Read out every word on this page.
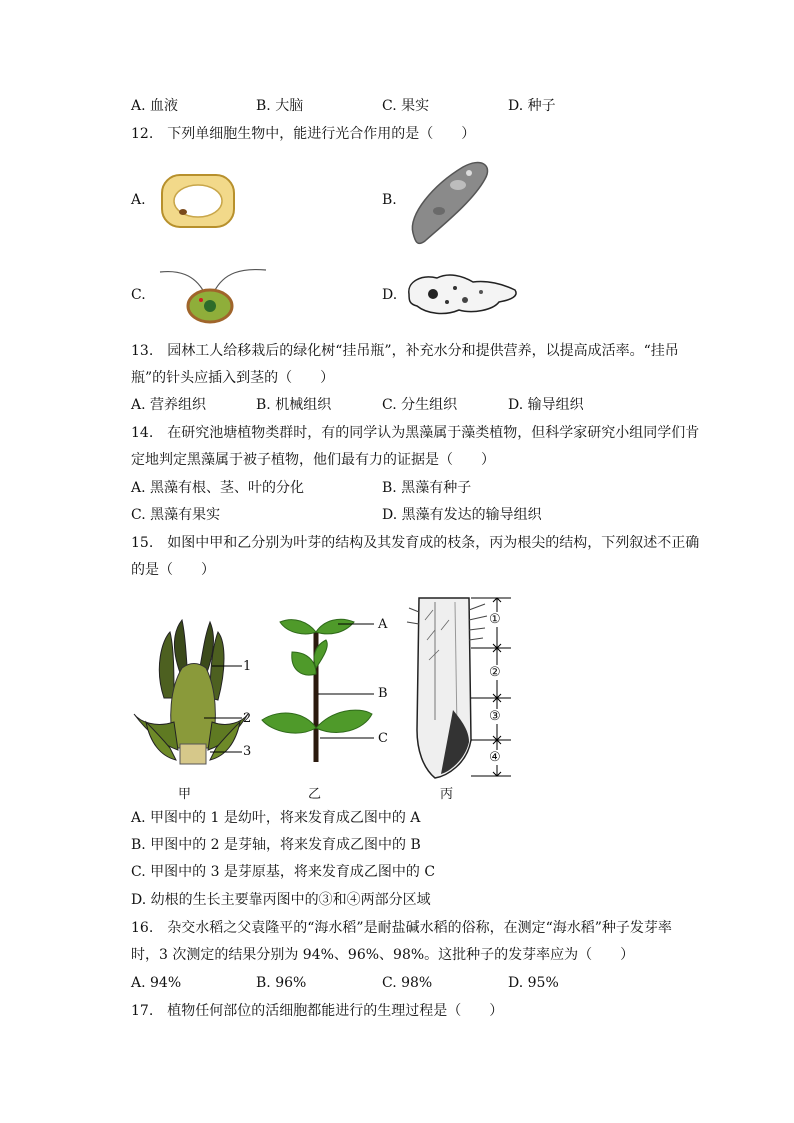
A. 血液	B. 大脑	C. 果实	D. 种子
12.　下列单细胞生物中，能进行光合作用的是（　　）
A.	B.
C.	D.
13.　园林工人给移栽后的绿化树“挂吊瓶”，补充水分和提供营养，以提高成活率。“挂吊
瓶”的针头应插入到茎的（　　）
A. 营养组织	B. 机械组织	C. 分生组织	D. 输导组织
14.　在研究池塘植物类群时，有的同学认为黑藻属于藻类植物，但科学家研究小组同学们肯
定地判定黑藻属于被子植物，他们最有力的证据是（　　）
A. 黑藻有根、茎、叶的分化	B. 黑藻有种子
C. 黑藻有果实	D. 黑藻有发达的输导组织
15.　如图中甲和乙分别为叶芽的结构及其发育成的枝条，丙为根尖的结构，下列叙述不正确
的是（　　）
1
2
3
甲
A
B
C
乙
①
②
③
④
丙
A. 甲图中的 1 是幼叶，将来发育成乙图中的 A
B. 甲图中的 2 是芽轴，将来发育成乙图中的 B
C. 甲图中的 3 是芽原基，将来发育成乙图中的 C
D. 幼根的生长主要靠丙图中的③和④两部分区域
16.　杂交水稻之父袁隆平的“海水稻”是耐盐碱水稻的俗称，在测定“海水稻”种子发芽率
时，3 次测定的结果分别为 94%、96%、98%。这批种子的发芽率应为（　　）
A. 94%	B. 96%	C. 98%	D. 95%
17.　植物任何部位的活细胞都能进行的生理过程是（　　）
